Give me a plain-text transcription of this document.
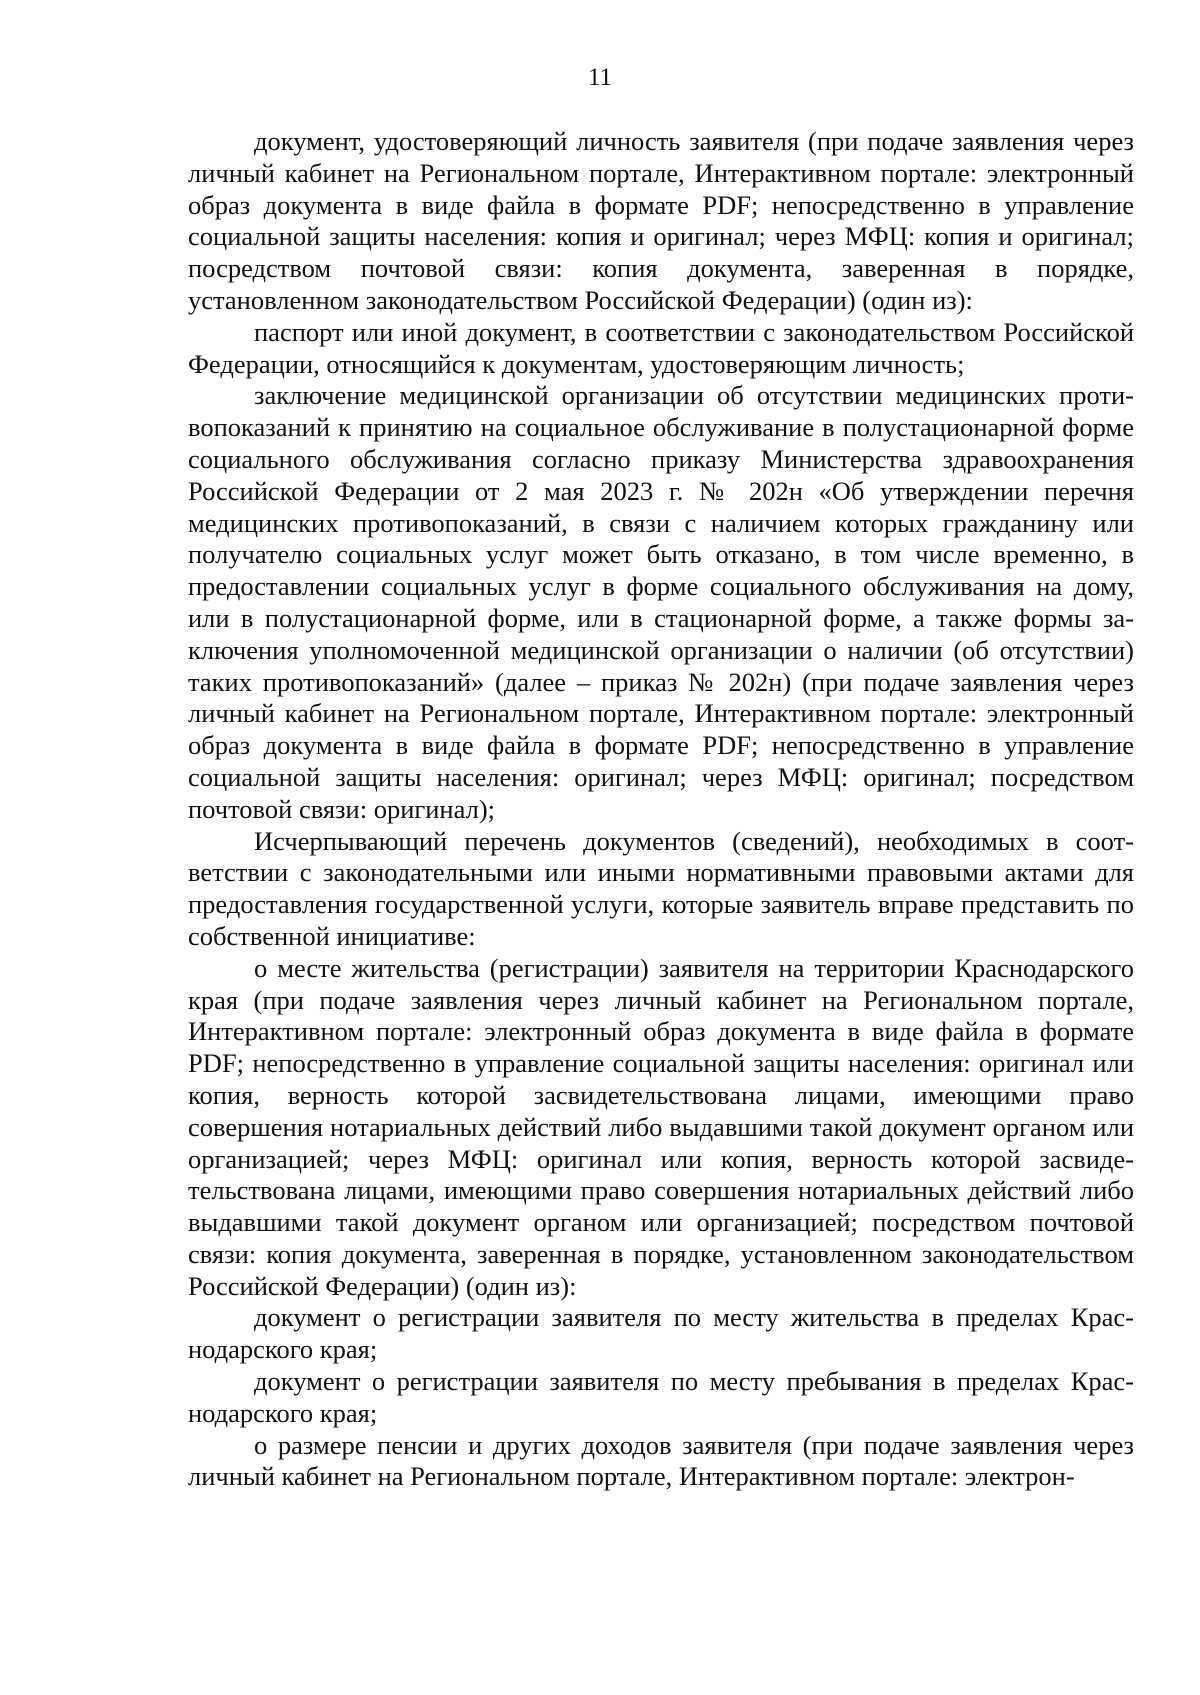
11

документ, удостоверяющий личность заявителя (при подаче заявления через личный кабинет на Региональном портале, Интерактивном портале: электронный образ документа в виде файла в формате PDF; непосредственно в управление социальной защиты населения: копия и оригинал; через МФЦ: копия и оригинал; посредством почтовой связи: копия документа, заверенная в порядке, установленном законодательством Российской Федерации) (один из):

паспорт или иной документ, в соответствии с законодательством Российской Федерации, относящийся к документам, удостоверяющим личность;

заключение медицинской организации об отсутствии медицинских противопоказаний к принятию на социальное обслуживание в полустационарной форме социального обслуживания согласно приказу Министерства здравоохранения Российской Федерации от 2 мая 2023 г. № 202н «Об утверждении перечня медицинских противопоказаний, в связи с наличием которых гражданину или получателю социальных услуг может быть отказано, в том числе временно, в предоставлении социальных услуг в форме социального обслуживания на дому, или в полустационарной форме, или в стационарной форме, а также формы заключения уполномоченной медицинской организации о наличии (об отсутствии) таких противопоказаний» (далее – приказ № 202н) (при подаче заявления через личный кабинет на Региональном портале, Интерактивном портале: электронный образ документа в виде файла в формате PDF; непосредственно в управление социальной защиты населения: оригинал; через МФЦ: оригинал; посредством почтовой связи: оригинал);

Исчерпывающий перечень документов (сведений), необходимых в соответствии с законодательными или иными нормативными правовыми актами для предоставления государственной услуги, которые заявитель вправе представить по собственной инициативе:

о месте жительства (регистрации) заявителя на территории Краснодарского края (при подаче заявления через личный кабинет на Региональном портале, Интерактивном портале: электронный образ документа в виде файла в формате PDF; непосредственно в управление социальной защиты населения: оригинал или копия, верность которой засвидетельствована лицами, имеющими право совершения нотариальных действий либо выдавшими такой документ органом или организацией; через МФЦ: оригинал или копия, верность которой засвидетельствована лицами, имеющими право совершения нотариальных действий либо выдавшими такой документ органом или организацией; посредством почтовой связи: копия документа, заверенная в порядке, установленном законодательством Российской Федерации) (один из):

документ о регистрации заявителя по месту жительства в пределах Краснодарского края;

документ о регистрации заявителя по месту пребывания в пределах Краснодарского края;

о размере пенсии и других доходов заявителя (при подаче заявления через личный кабинет на Региональном портале, Интерактивном портале: электрон-
